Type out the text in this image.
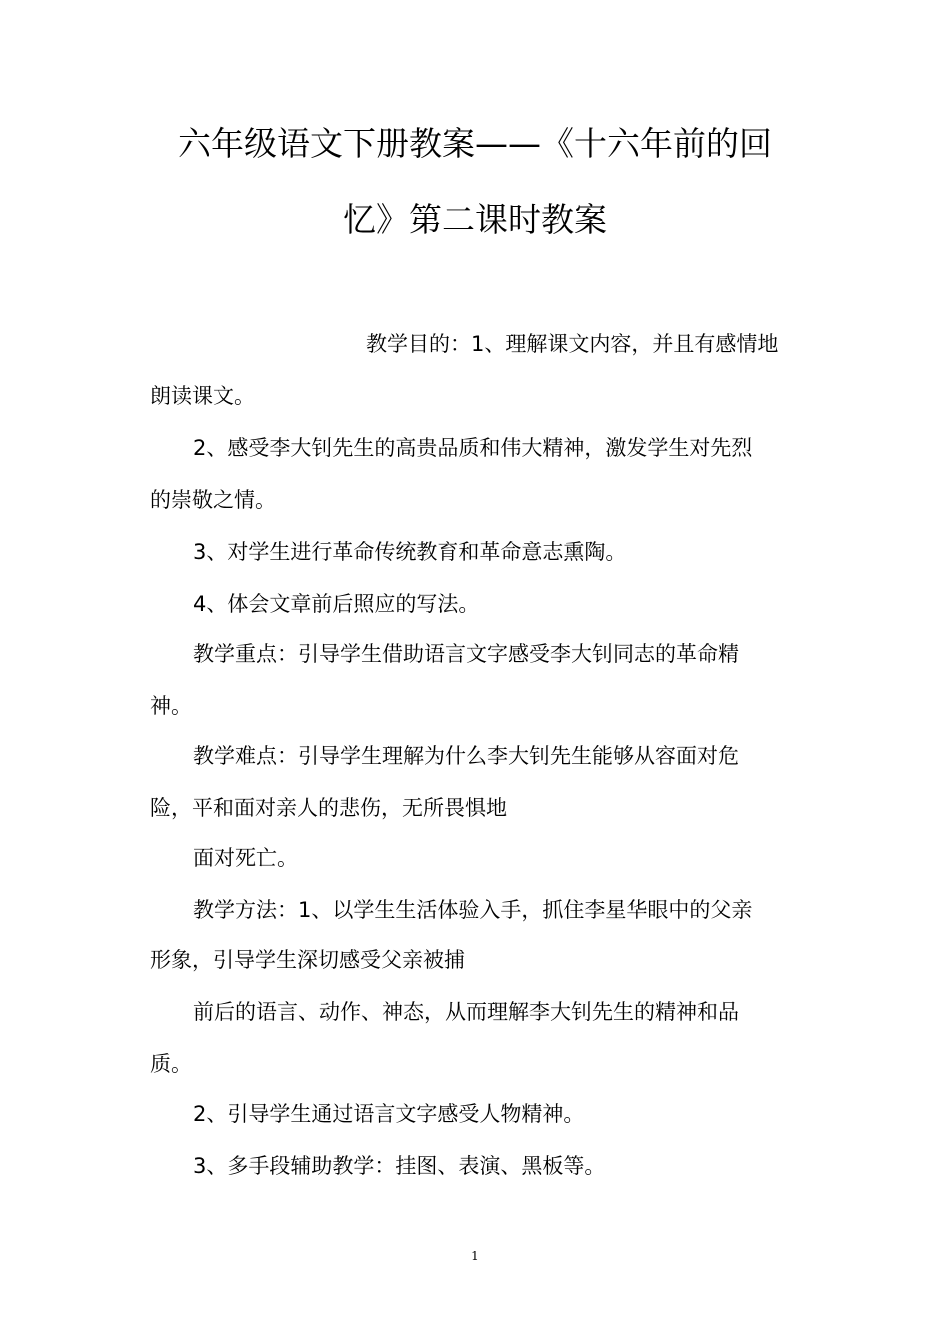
六年级语文下册教案——《十六年前的回
忆》第二课时教案
教学目的：1、理解课文内容，并且有感情地
朗读课文。
2、感受李大钊先生的高贵品质和伟大精神，激发学生对先烈
的崇敬之情。
3、对学生进行革命传统教育和革命意志熏陶。
4、体会文章前后照应的写法。
教学重点：引导学生借助语言文字感受李大钊同志的革命精
神。
教学难点：引导学生理解为什么李大钊先生能够从容面对危
险，平和面对亲人的悲伤，无所畏惧地
面对死亡。
教学方法：1、以学生生活体验入手，抓住李星华眼中的父亲
形象，引导学生深切感受父亲被捕
前后的语言、动作、神态，从而理解李大钊先生的精神和品
质。
2、引导学生通过语言文字感受人物精神。
3、多手段辅助教学：挂图、表演、黑板等。
1
